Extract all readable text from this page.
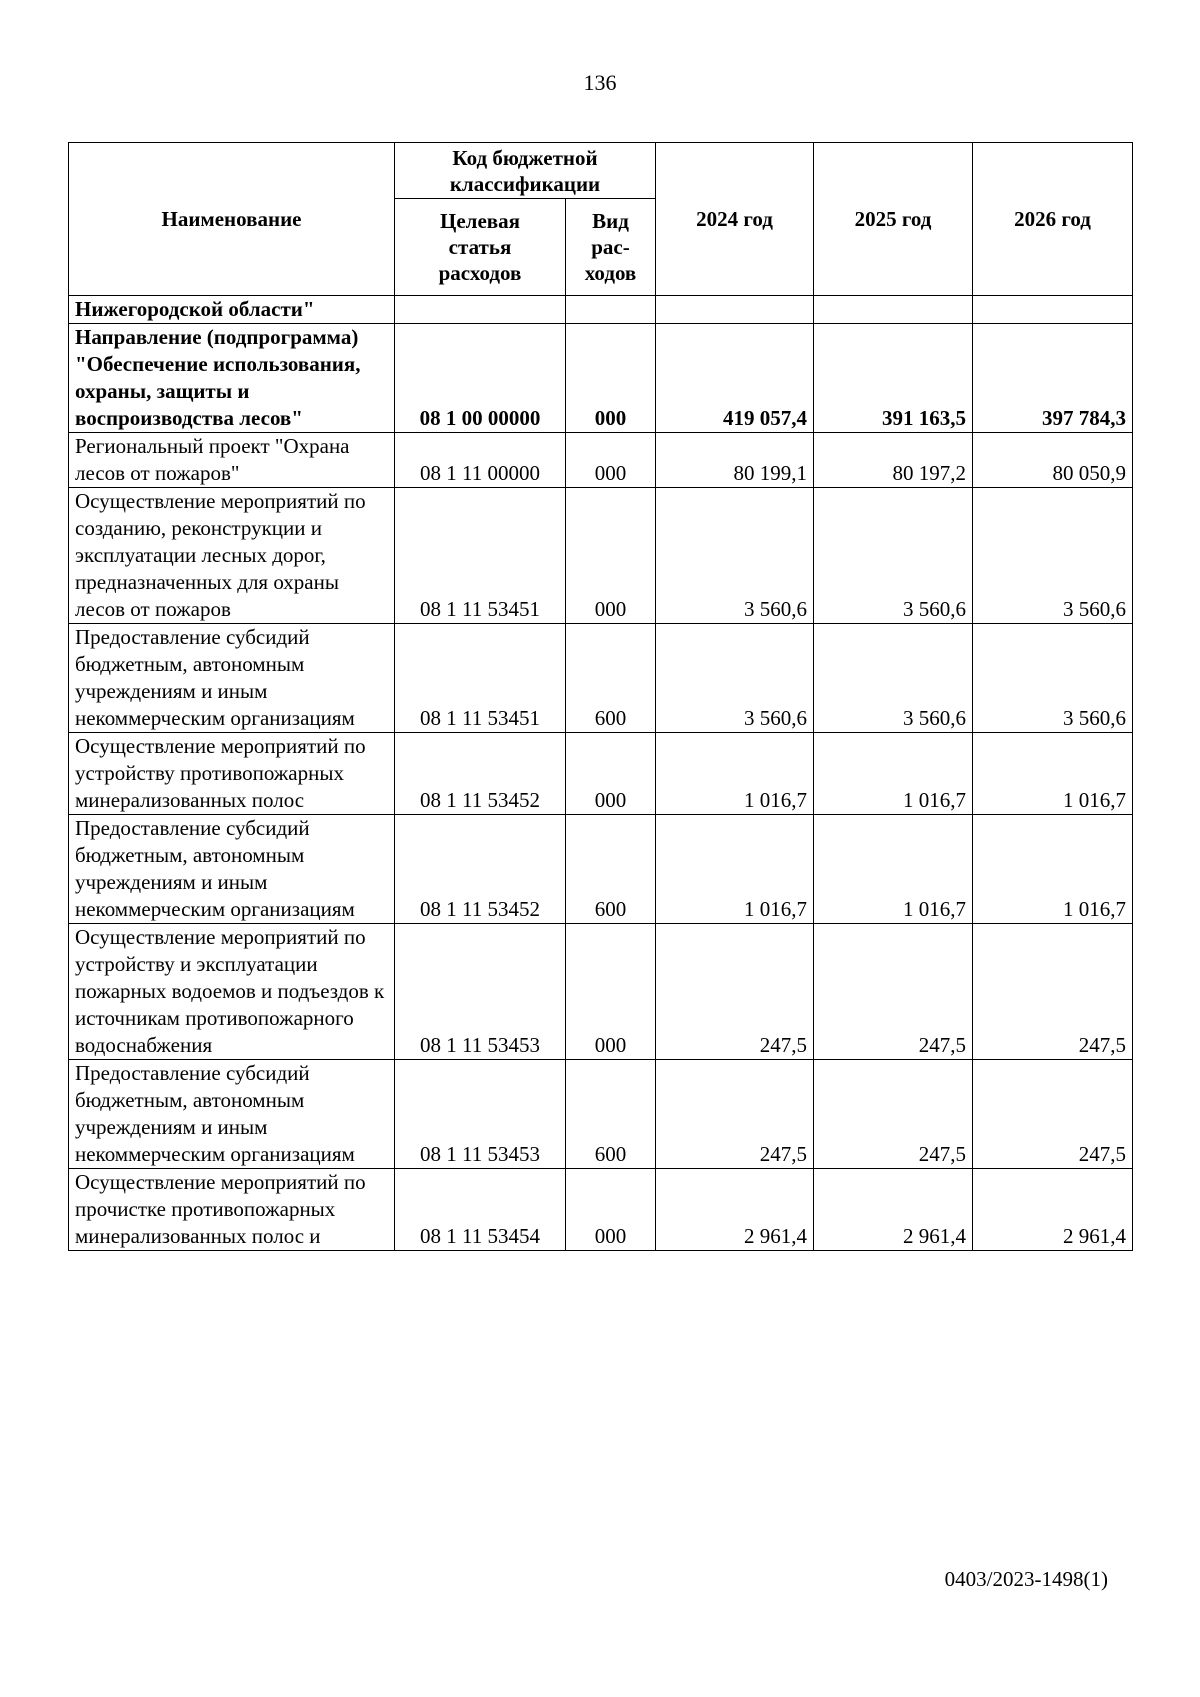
136
Наименование	Код бюджетной классификации		2024 год	2025 год	2026 год
	Целевая статья расходов	Вид рас-ходов			
Нижегородской области"					
Направление (подпрограмма) "Обеспечение использования, охраны, защиты и воспроизводства лесов"	08 1 00 00000	000	419 057,4	391 163,5	397 784,3
Региональный проект "Охрана лесов от пожаров"	08 1 11 00000	000	80 199,1	80 197,2	80 050,9
Осуществление мероприятий по созданию, реконструкции и эксплуатации лесных дорог, предназначенных для охраны лесов от пожаров	08 1 11 53451	000	3 560,6	3 560,6	3 560,6
Предоставление субсидий бюджетным, автономным учреждениям и иным некоммерческим организациям	08 1 11 53451	600	3 560,6	3 560,6	3 560,6
Осуществление мероприятий по устройству противопожарных минерализованных полос	08 1 11 53452	000	1 016,7	1 016,7	1 016,7
Предоставление субсидий бюджетным, автономным учреждениям и иным некоммерческим организациям	08 1 11 53452	600	1 016,7	1 016,7	1 016,7
Осуществление мероприятий по устройству и эксплуатации пожарных водоемов и подъездов к источникам противопожарного водоснабжения	08 1 11 53453	000	247,5	247,5	247,5
Предоставление субсидий бюджетным, автономным учреждениям и иным некоммерческим организациям	08 1 11 53453	600	247,5	247,5	247,5
Осуществление мероприятий по прочистке противопожарных минерализованных полос и	08 1 11 53454	000	2 961,4	2 961,4	2 961,4
0403/2023-1498(1)
